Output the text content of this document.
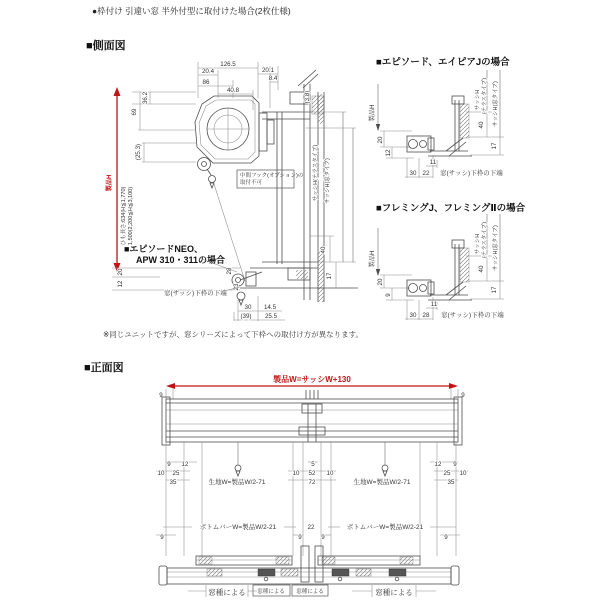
●枠付け 引違い窓 半外付型に取付けた場合(2枚仕様)
■側面図
■エピソード、エイピアJの場合
■フレミングJ、フレミングⅡの場合
■正面図
※同じユニットですが、窓シリーズによって下枠への取付け方が異なります。
126.5
20.4
86
40.8
20.1
8.4
(3.8)
36.2
69
(25.3)
製品H
ひも長さ:634(H≦1,770) 1,500(2,200≦H≦3,100)
20
12
サッシH(テラスタイプ)	サッシH(窓タイプ)
40
17
28
23
30 14.5
(39) 25.5
中間フック(オプション)の
取付不可
■エピソードNEO、
APW 310・311の場合
窓(サッシ)下枠の下端
製品H
20
12
サッシH (テラスタイプ) サッシH(窓タイプ)
40
17
30 22
11
窓(サッシ)下枠の下端
製品H
20
9
サッシH (テラスタイプ) サッシH(窓タイプ)
40
17
30 28
11
窓(サッシ)下枠の下端
製品W=サッシW+130
9	9
9 12
10 25
35
5
10 52 10
72
12 9
25 10
35
生地W=製品W/2-71	生地W=製品W/2-71
ボトムバーW=製品W/2-21	22	ボトムバーW=製品W/2-21
9	9	9	9
窓種による 窓種による 窓種による	窓種による
